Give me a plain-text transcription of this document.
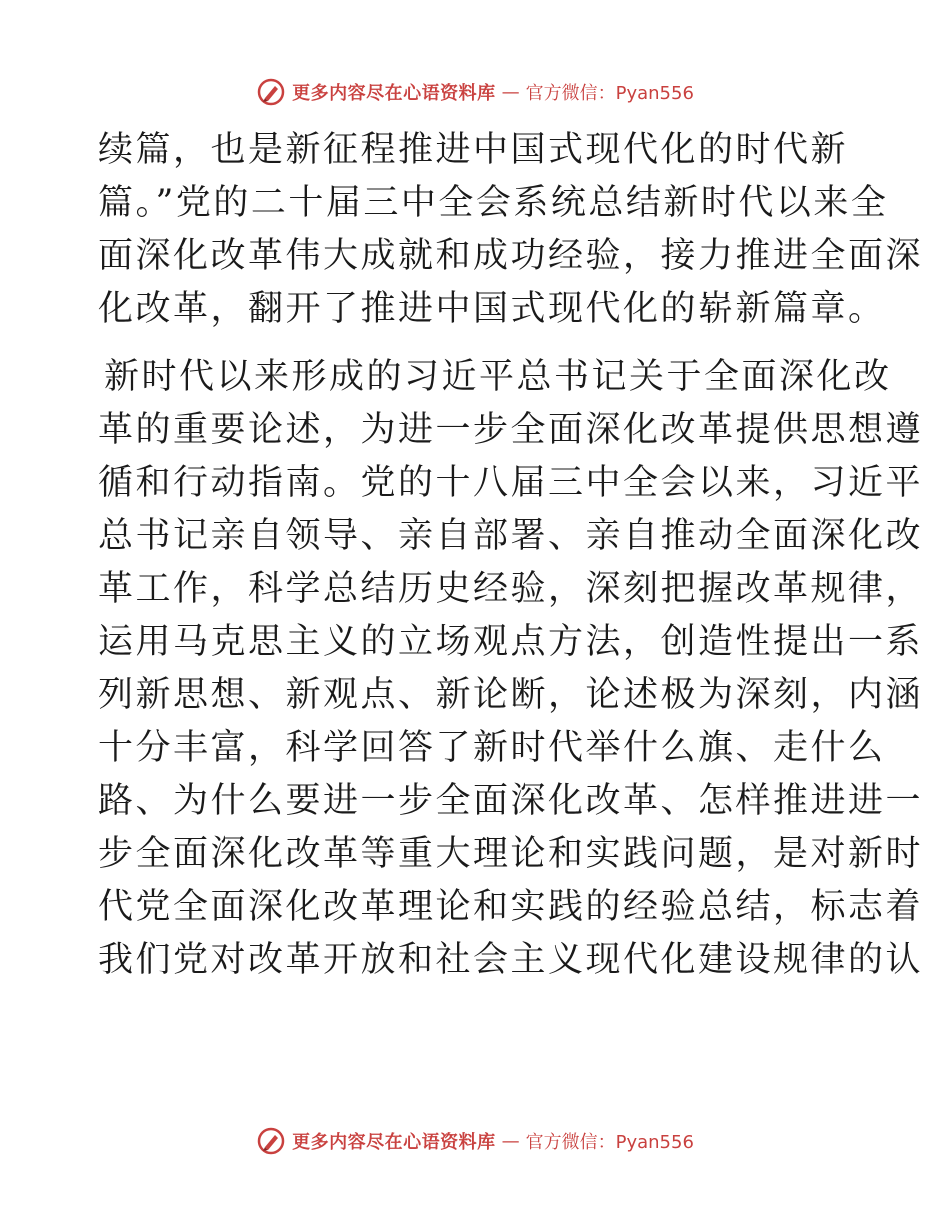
更多内容尽在心语资料库 — 官方微信：Pyan556

续篇，也是新征程推进中国式现代化的时代新
篇。”党的二十届三中全会系统总结新时代以来全
面深化改革伟大成就和成功经验，接力推进全面深
化改革，翻开了推进中国式现代化的崭新篇章。

新时代以来形成的习近平总书记关于全面深化改
革的重要论述，为进一步全面深化改革提供思想遵
循和行动指南。党的十八届三中全会以来，习近平
总书记亲自领导、亲自部署、亲自推动全面深化改
革工作，科学总结历史经验，深刻把握改革规律，
运用马克思主义的立场观点方法，创造性提出一系
列新思想、新观点、新论断，论述极为深刻，内涵
十分丰富，科学回答了新时代举什么旗、走什么
路、为什么要进一步全面深化改革、怎样推进进一
步全面深化改革等重大理论和实践问题，是对新时
代党全面深化改革理论和实践的经验总结，标志着
我们党对改革开放和社会主义现代化建设规律的认

更多内容尽在心语资料库 — 官方微信：Pyan556
